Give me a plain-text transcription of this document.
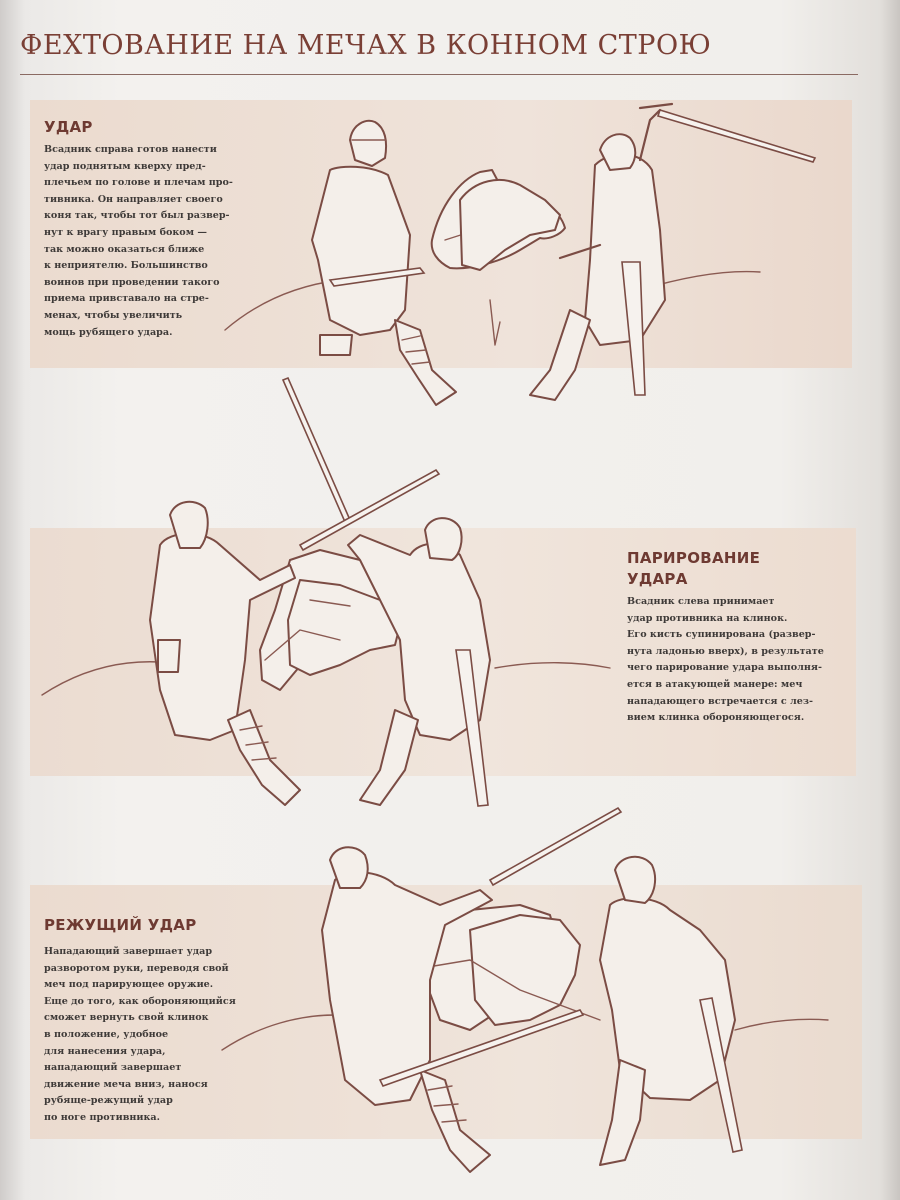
ФЕХТОВАНИЕ НА МЕЧАХ В КОННОМ СТРОЮ
УДАР
Всадник справа готов нанести
удар поднятым кверху пред-
плечьем по голове и плечам про-
тивника. Он направляет своего
коня так, чтобы тот был развер-
нут к врагу правым боком —
так можно оказаться ближе
к неприятелю. Большинство
воинов при проведении такого
приема привставало на стре-
менах, чтобы увеличить
мощь рубящего удара.
ПАРИРОВАНИЕ
УДАРА
Всадник слева принимает
удар противника на клинок.
Его кисть супинирована (развер-
нута ладонью вверх), в результате
чего парирование удара выполня-
ется в атакующей манере: меч
нападающего встречается с лез-
вием клинка обороняющегося.
РЕЖУЩИЙ УДАР
Нападающий завершает удар
разворотом руки, переводя свой
меч под парирующее оружие.
Еще до того, как обороняющийся
сможет вернуть свой клинок
в положение, удобное
для нанесения удара,
нападающий завершает
движение меча вниз, нанося
рубяще-режущий удар
по ноге противника.
